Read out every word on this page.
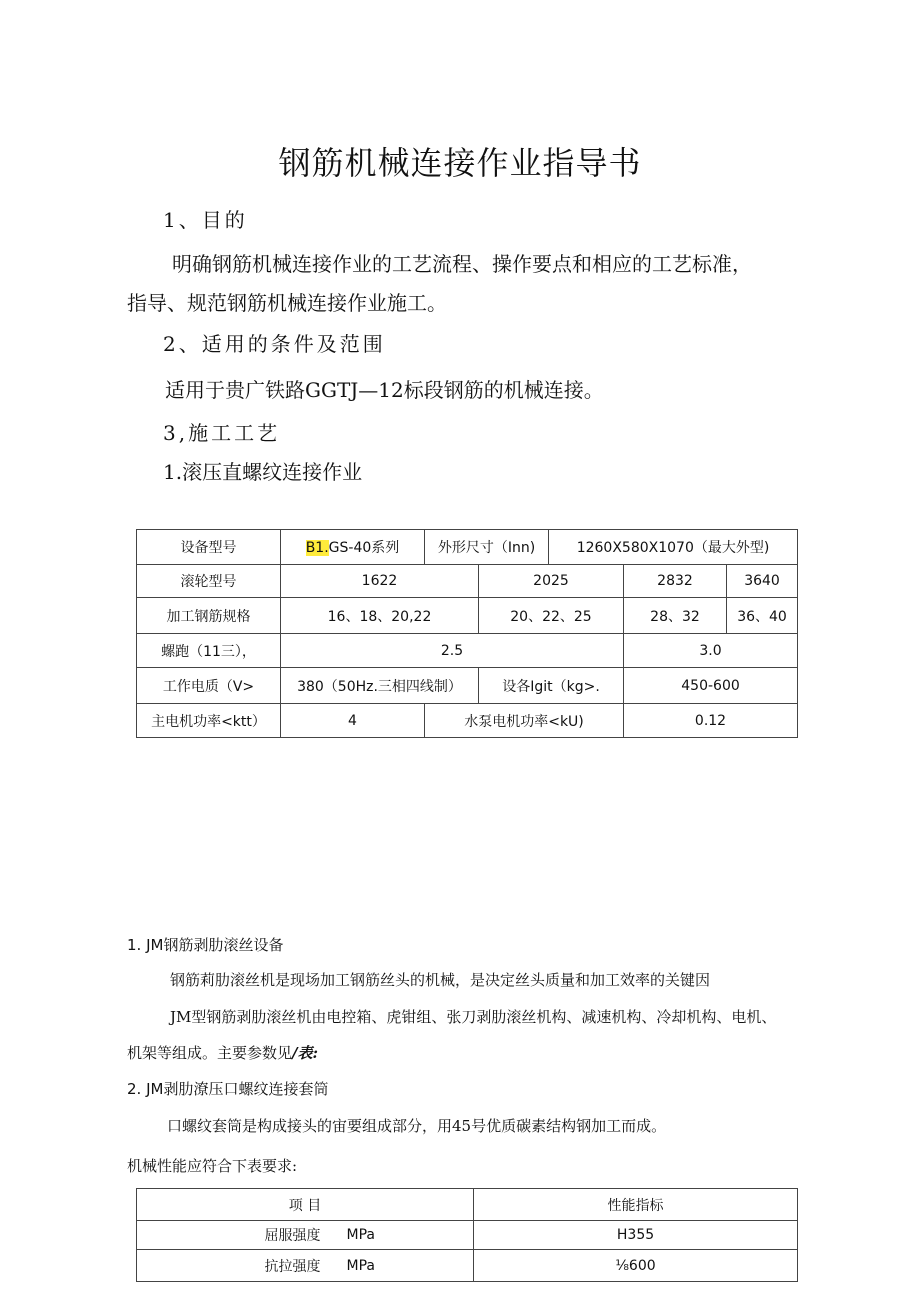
钢筋机械连接作业指导书
1、目的
明确钢筋机械连接作业的工艺流程、操作要点和相应的工艺标准，
指导、规范钢筋机械连接作业施工。
2、适用的条件及范围
适用于贵广铁路GGTJ—12标段钢筋的机械连接。
3,施工工艺
1.滚压直螺纹连接作业
设备型号	B1.GS-40系列	外形尺寸（Inn)		1260X580X1070（最大外型)		
滚轮型号	1622		2025		2832	3640
加工钢筋规格	16、18、20,22		20、22、25		28、32	36、40
螺跑（11三），	2.5				3.0	
工作电质（V>	380（50Hz.三相四线制）		设各Igit（kg>.		450-600	
主电机功率<ktt）	4	水泵电机功率<kU)			0.12	
1. JM钢筋剥肋滚丝设备
钢筋莉肋滚丝机是现场加工钢筋丝头的机械，是决定丝头质量和加工效率的关键因
JM型钢筋剥肋滚丝机由电控箱、虎钳组、张刀剥肋滚丝机构、减速机构、冷却机构、电机、
机架等组成。主要参数见/表:
2. JM剥肋潦压口螺纹连接套筒
口螺纹套筒是构成接头的宙要组成部分，用45号优质碳素结构钢加工而成。
机械性能应符合下表要求:
项 目		性能指标
屈服强度	MPa	H355
抗拉强度	MPa	⅛600
